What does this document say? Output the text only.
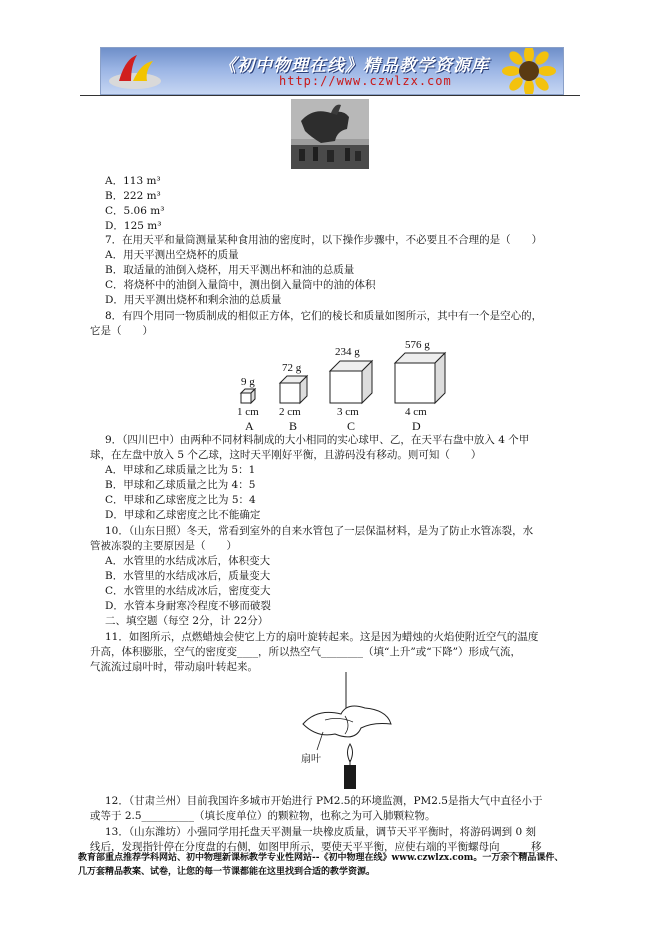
《初中物理在线》精品教学资源库
http://www.czwlzx.com
A．113 m³
B．222 m³
C．5.06 m³
D．125 m³
7．在用天平和量筒测量某种食用油的密度时，以下操作步骤中，不必要且不合理的是（　　）
A．用天平测出空烧杯的质量
B．取适量的油倒入烧杯，用天平测出杯和油的总质量
C．将烧杯中的油倒入量筒中，测出倒入量筒中的油的体积
D．用天平测出烧杯和剩余油的总质量
8．有四个用同一物质制成的相似正方体，它们的棱长和质量如图所示，其中有一个是空心的，
它是（　　）
9．（四川巴中）由两种不同材料制成的大小相同的实心球甲、乙，在天平右盘中放入 4 个甲
球，在左盘中放入 5 个乙球，这时天平刚好平衡，且游码没有移动。则可知（　　）
A．甲球和乙球质量之比为 5：1
B．甲球和乙球质量之比为 4：5
C．甲球和乙球密度之比为 5：4
D．甲球和乙球密度之比不能确定
10．（山东日照）冬天，常看到室外的自来水管包了一层保温材料，是为了防止水管冻裂，水
管被冻裂的主要原因是（　　）
A．水管里的水结成冰后，体积变大
B．水管里的水结成冰后，质量变大
C．水管里的水结成冰后，密度变大
D．水管本身耐寒冷程度不够而破裂
二、填空题（每空 2分，计 22分）
11．如图所示，点燃蜡烛会使它上方的扇叶旋转起来。这是因为蜡烛的火焰使附近空气的温度
升高，体积膨胀，空气的密度变____，所以热空气________（填“上升”或“下降”）形成气流，
气流流过扇叶时，带动扇叶转起来。
12．（甘肃兰州）目前我国许多城市开始进行 PM2.5的环境监测，PM2.5是指大气中直径小于
或等于 2.5__________（填长度单位）的颗粒物，也称之为可入肺颗粒物。
13．（山东潍坊）小强同学用托盘天平测量一块橡皮质量，调节天平平衡时，将游码调到 0 刻
线后，发现指针停在分度盘的右侧，如图甲所示，要使天平平衡，应使右端的平衡螺母向______移
9 g
1 cm
A
72 g
2 cm
B
234 g
3 cm
C
576 g
4 cm
D
扇叶
教育部重点推荐学科网站、初中物理新课标教学专业性网站--《初中物理在线》www.czwlzx.com。一万余个精品课件、
几万套精品教案、试卷，让您的每一节课都能在这里找到合适的教学资源。
